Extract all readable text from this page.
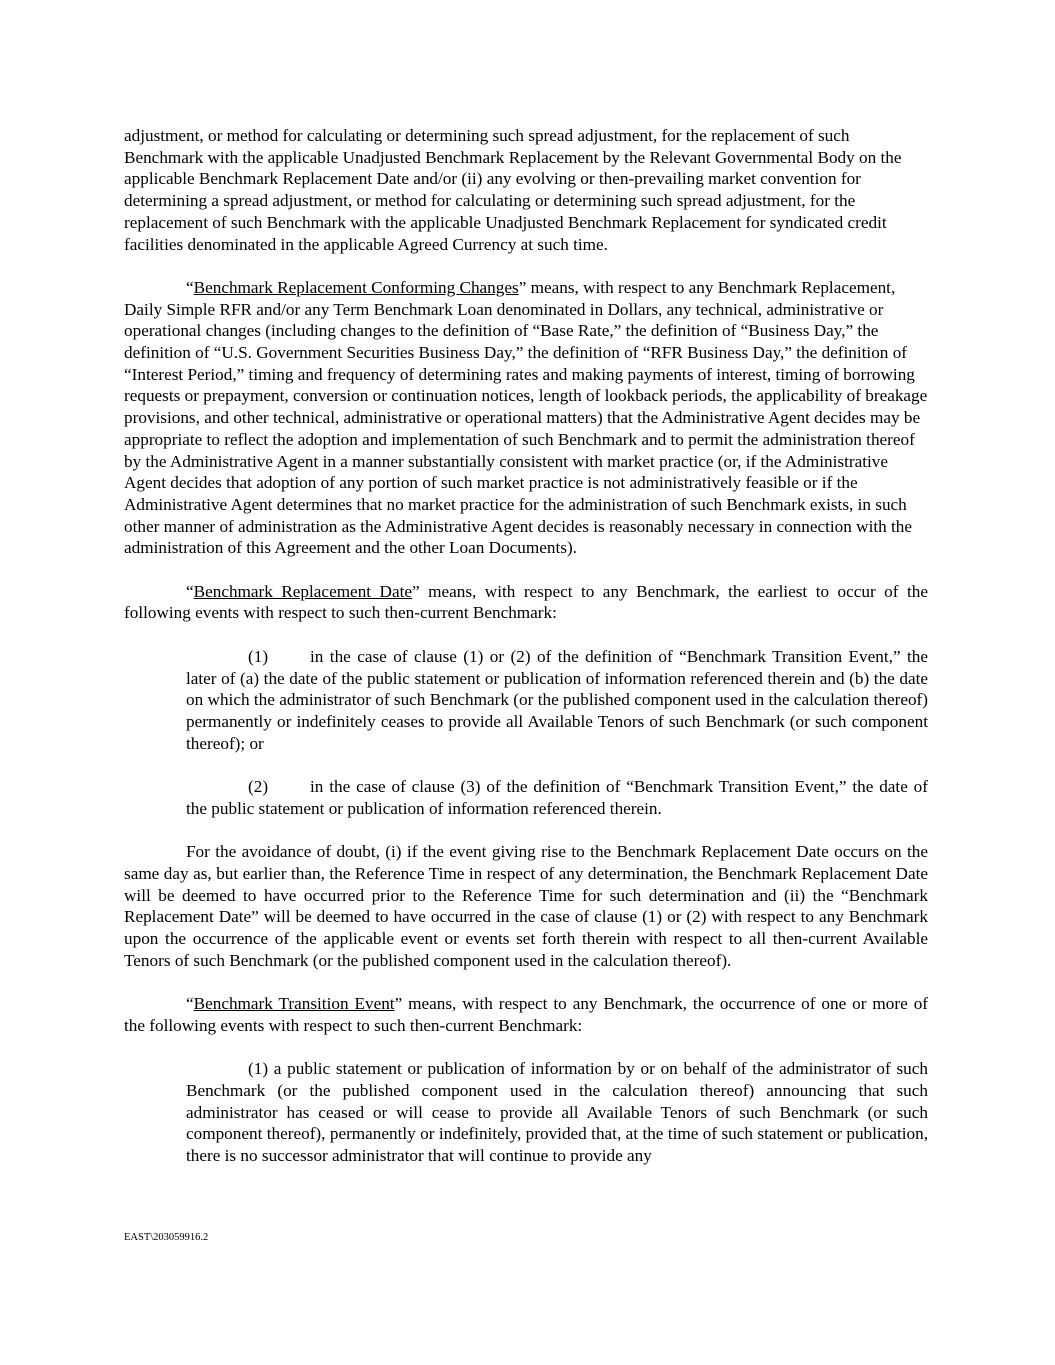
adjustment, or method for calculating or determining such spread adjustment, for the replacement of such Benchmark with the applicable Unadjusted Benchmark Replacement by the Relevant Governmental Body on the applicable Benchmark Replacement Date and/or (ii) any evolving or then-prevailing market convention for determining a spread adjustment, or method for calculating or determining such spread adjustment, for the replacement of such Benchmark with the applicable Unadjusted Benchmark Replacement for syndicated credit facilities denominated in the applicable Agreed Currency at such time.

“Benchmark Replacement Conforming Changes” means, with respect to any Benchmark Replacement, Daily Simple RFR and/or any Term Benchmark Loan denominated in Dollars, any technical, administrative or operational changes (including changes to the definition of “Base Rate,” the definition of “Business Day,” the definition of “U.S. Government Securities Business Day,” the definition of “RFR Business Day,” the definition of “Interest Period,” timing and frequency of determining rates and making payments of interest, timing of borrowing requests or prepayment, conversion or continuation notices, length of lookback periods, the applicability of breakage provisions, and other technical, administrative or operational matters) that the Administrative Agent decides may be appropriate to reflect the adoption and implementation of such Benchmark and to permit the administration thereof by the Administrative Agent in a manner substantially consistent with market practice (or, if the Administrative Agent decides that adoption of any portion of such market practice is not administratively feasible or if the Administrative Agent determines that no market practice for the administration of such Benchmark exists, in such other manner of administration as the Administrative Agent decides is reasonably necessary in connection with the administration of this Agreement and the other Loan Documents).

“Benchmark Replacement Date” means, with respect to any Benchmark, the earliest to occur of the following events with respect to such then-current Benchmark:

(1) in the case of clause (1) or (2) of the definition of “Benchmark Transition Event,” the later of (a) the date of the public statement or publication of information referenced therein and (b) the date on which the administrator of such Benchmark (or the published component used in the calculation thereof) permanently or indefinitely ceases to provide all Available Tenors of such Benchmark (or such component thereof); or

(2) in the case of clause (3) of the definition of “Benchmark Transition Event,” the date of the public statement or publication of information referenced therein.

For the avoidance of doubt, (i) if the event giving rise to the Benchmark Replacement Date occurs on the same day as, but earlier than, the Reference Time in respect of any determination, the Benchmark Replacement Date will be deemed to have occurred prior to the Reference Time for such determination and (ii) the “Benchmark Replacement Date” will be deemed to have occurred in the case of clause (1) or (2) with respect to any Benchmark upon the occurrence of the applicable event or events set forth therein with respect to all then-current Available Tenors of such Benchmark (or the published component used in the calculation thereof).

“Benchmark Transition Event” means, with respect to any Benchmark, the occurrence of one or more of the following events with respect to such then-current Benchmark:

(1) a public statement or publication of information by or on behalf of the administrator of such Benchmark (or the published component used in the calculation thereof) announcing that such administrator has ceased or will cease to provide all Available Tenors of such Benchmark (or such component thereof), permanently or indefinitely, provided that, at the time of such statement or publication, there is no successor administrator that will continue to provide any

EAST\203059916.2
